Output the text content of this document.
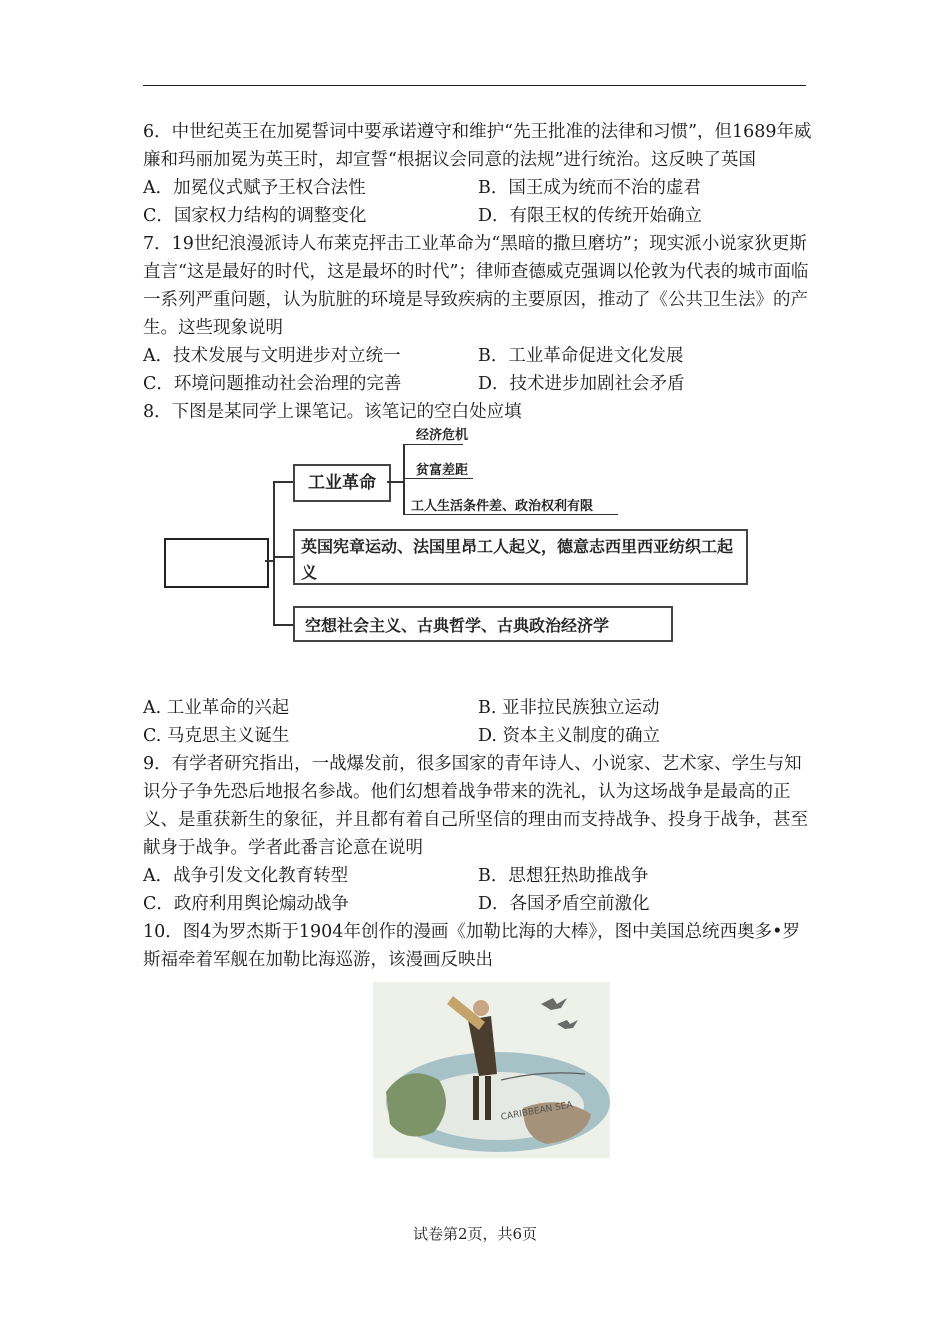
6．中世纪英王在加冕誓词中要承诺遵守和维护“先王批准的法律和习惯”，但1689年威廉和玛丽加冕为英王时，却宣誓“根据议会同意的法规”进行统治。这反映了英国

A．加冕仪式赋予王权合法性	B．国王成为统而不治的虚君
C．国家权力结构的调整变化	D．有限王权的传统开始确立

7．19世纪浪漫派诗人布莱克抨击工业革命为“黑暗的撒旦磨坊”；现实派小说家狄更斯直言“这是最好的时代，这是最坏的时代”；律师查德威克强调以伦敦为代表的城市面临一系列严重问题，认为肮脏的环境是导致疾病的主要原因，推动了《公共卫生法》的产生。这些现象说明

A．技术发展与文明进步对立统一	B．工业革命促进文化发展
C．环境问题推动社会治理的完善	D．技术进步加剧社会矛盾

8．下图是某同学上课笔记。该笔记的空白处应填

工业革命
经济危机
贫富差距
工人生活条件差、政治权利有限
英国宪章运动、法国里昂工人起义，德意志西里西亚纺织工起义
空想社会主义、古典哲学、古典政治经济学
A. 工业革命的兴起	B. 亚非拉民族独立运动
C. 马克思主义诞生	D. 资本主义制度的确立

9．有学者研究指出，一战爆发前，很多国家的青年诗人、小说家、艺术家、学生与知识分子争先恐后地报名参战。他们幻想着战争带来的洗礼，认为这场战争是最高的正义、是重获新生的象征，并且都有着自己所坚信的理由而支持战争、投身于战争，甚至献身于战争。学者此番言论意在说明

A．战争引发文化教育转型	B．思想狂热助推战争
C．政府利用舆论煽动战争	D．各国矛盾空前激化

10．图4为罗杰斯于1904年创作的漫画《加勒比海的大棒》，图中美国总统西奥多•罗斯福牵着军舰在加勒比海巡游，该漫画反映出

CARIBBEAN SEA
试卷第2页，共6页
